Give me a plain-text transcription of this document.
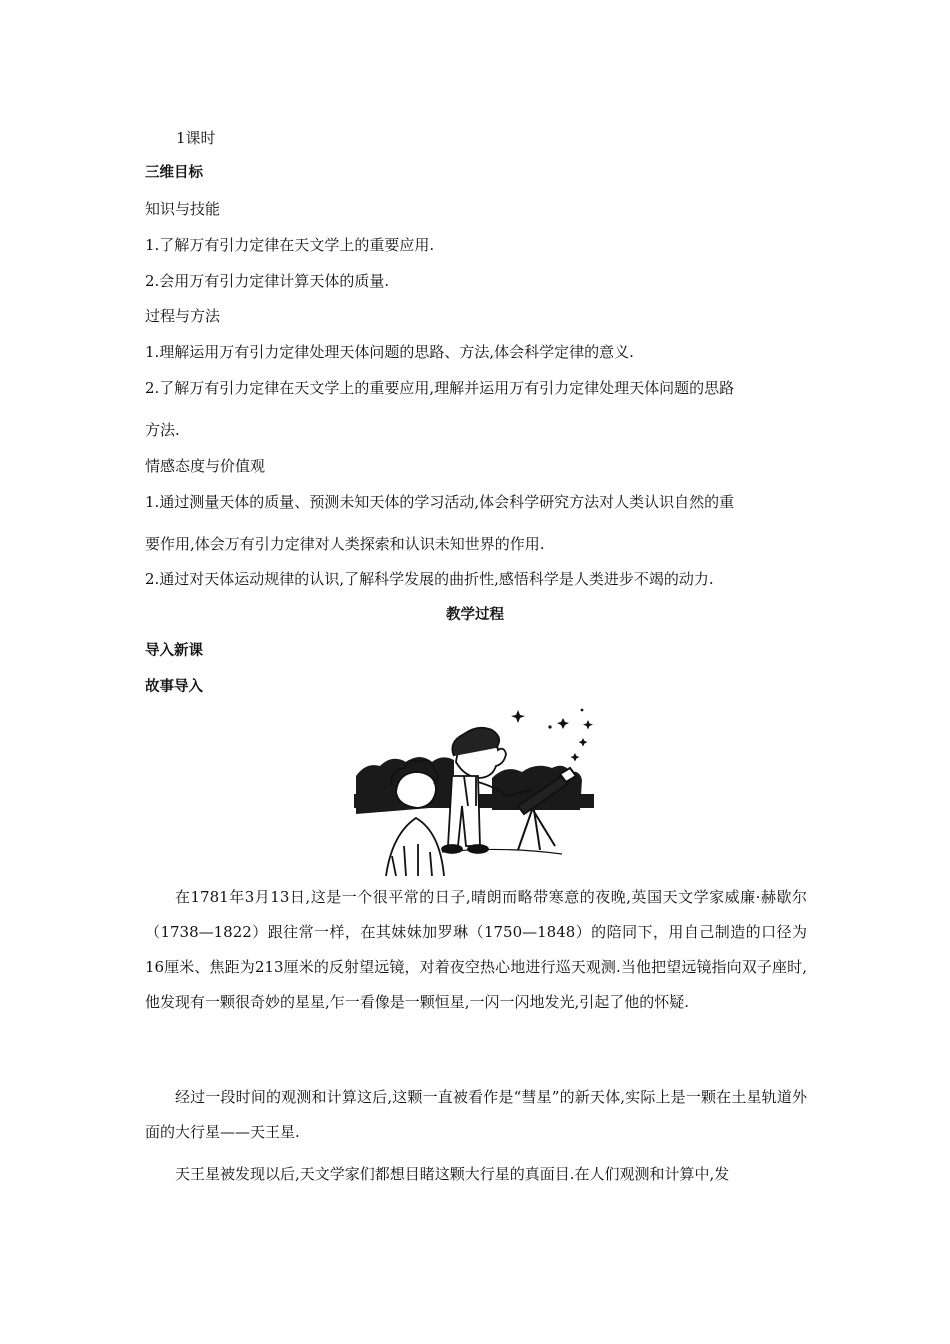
1课时
三维目标
知识与技能
1.了解万有引力定律在天文学上的重要应用.
2.会用万有引力定律计算天体的质量.
过程与方法
1.理解运用万有引力定律处理天体问题的思路、方法,体会科学定律的意义.
2.了解万有引力定律在天文学上的重要应用,理解并运用万有引力定律处理天体问题的思路
方法.
情感态度与价值观
1.通过测量天体的质量、预测未知天体的学习活动,体会科学研究方法对人类认识自然的重
要作用,体会万有引力定律对人类探索和认识未知世界的作用.
2.通过对天体运动规律的认识,了解科学发展的曲折性,感悟科学是人类进步不竭的动力.
教学过程
导入新课
故事导入
在1781年3月13日,这是一个很平常的日子,晴朗而略带寒意的夜晚,英国天文学家威廉·赫歇尔（1738—1822）跟往常一样，在其妹妹加罗琳（1750—1848）的陪同下，用自己制造的口径为16厘米、焦距为213厘米的反射望远镜，对着夜空热心地进行巡天观测.当他把望远镜指向双子座时,他发现有一颗很奇妙的星星,乍一看像是一颗恒星,一闪一闪地发光,引起了他的怀疑.
经过一段时间的观测和计算这后,这颗一直被看作是“彗星”的新天体,实际上是一颗在土星轨道外面的大行星——天王星.
天王星被发现以后,天文学家们都想目睹这颗大行星的真面目.在人们观测和计算中,发
